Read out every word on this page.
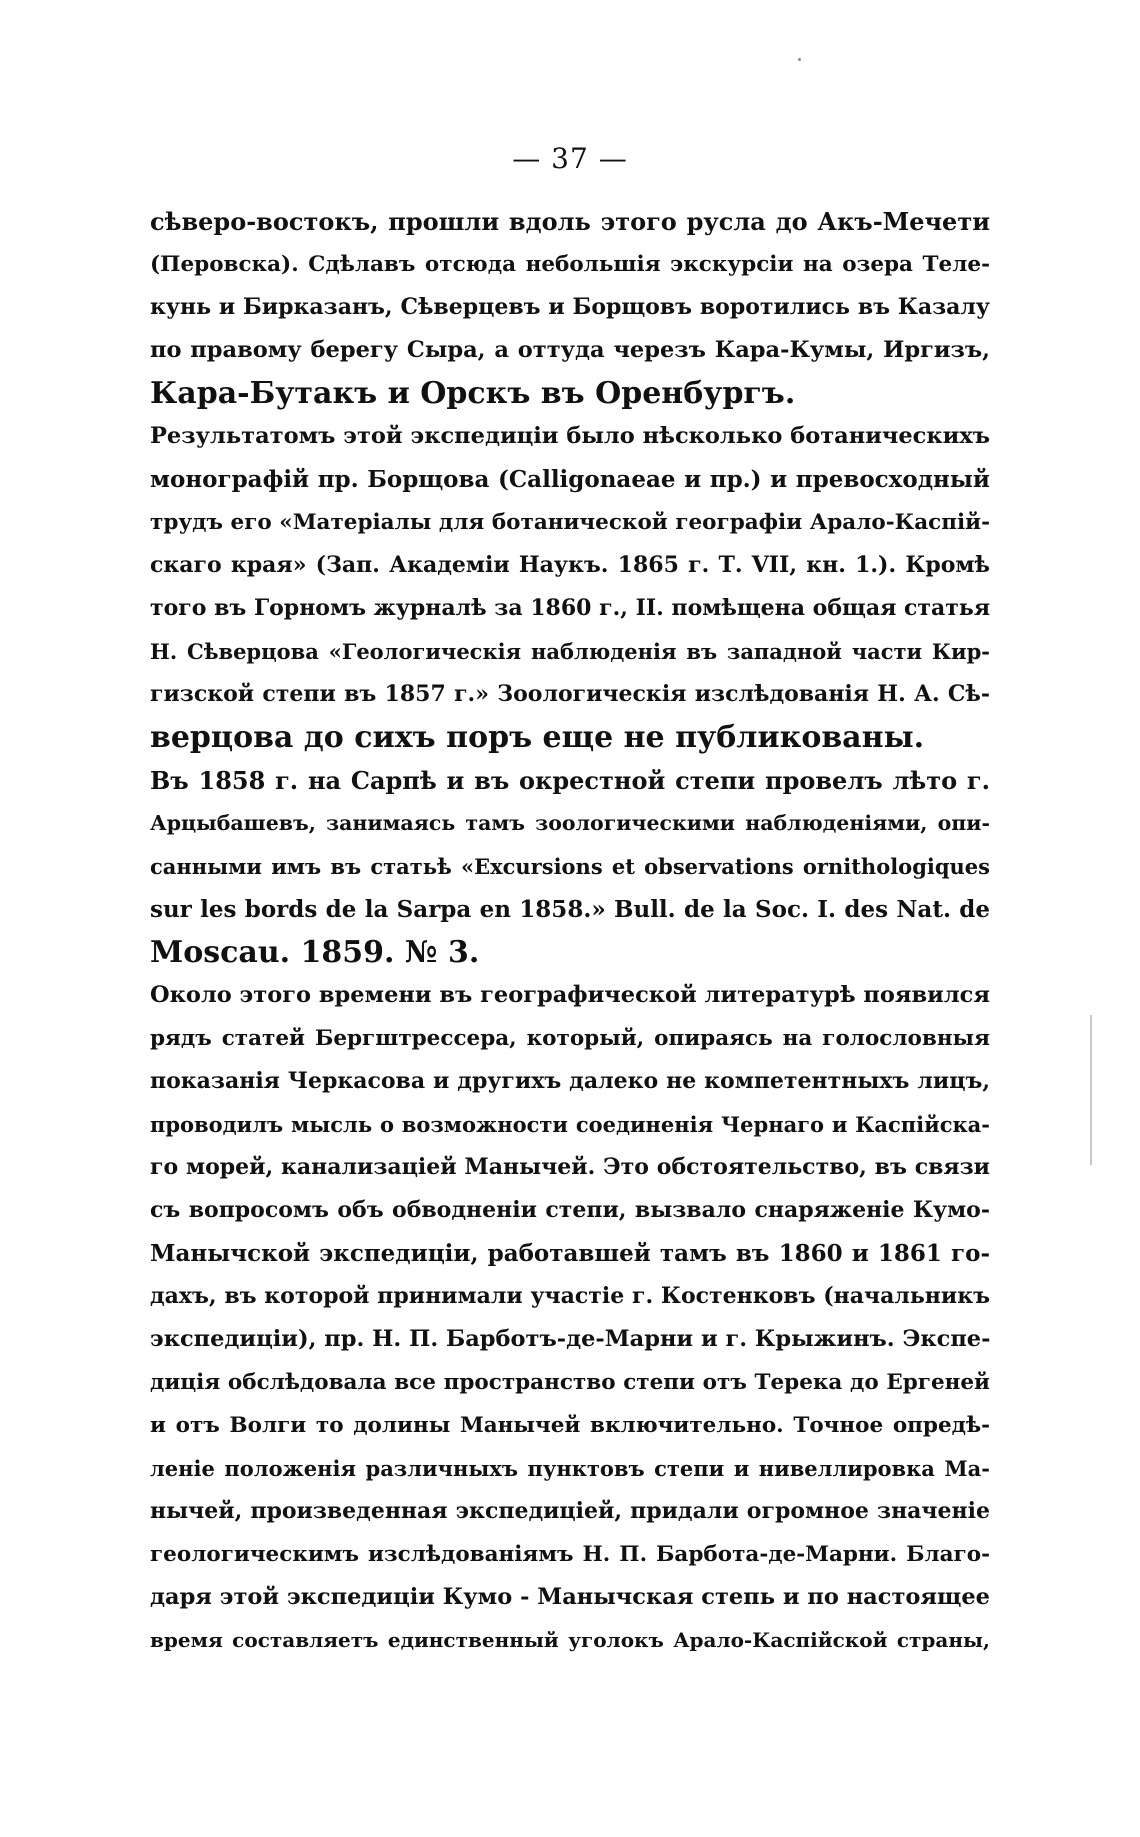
— 37 —
сѣверо-востокъ, прошли вдоль этого русла до Акъ-Мечети
(Перовска). Сдѣлавъ отсюда небольшія экскурсіи на озера Теле-
кунь и Бирказанъ, Сѣверцевъ и Борщовъ воротились въ Казалу
по правому берегу Сыра, а оттуда черезъ Кара-Кумы, Иргизъ,
Кара-Бутакъ и Орскъ въ Оренбургъ.
Результатомъ этой экспедиціи было нѣсколько ботаническихъ
монографій пр. Борщова (Calligonaeae и пр.) и превосходный
трудъ его «Матеріалы для ботанической географіи Арало-Каспій-
скаго края» (Зап. Академіи Наукъ. 1865 г. Т. VII, кн. 1.). Кромѣ
того въ Горномъ журналѣ за 1860 г., II. помѣщена общая статья
Н. Сѣверцова «Геологическія наблюденія въ западной части Кир-
гизской степи въ 1857 г.» Зоологическія изслѣдованія Н. А. Сѣ-
верцова до сихъ поръ еще не публикованы.
Въ 1858 г. на Сарпѣ и въ окрестной степи провелъ лѣто г.
Арцыбашевъ, занимаясь тамъ зоологическими наблюденіями, опи-
санными имъ въ статьѣ «Excursions et observations ornithologiques
sur les bords de la Sarpa en 1858.» Bull. de la Soc. I. des Nat. de
Moscau. 1859. № 3.
Около этого времени въ географической литературѣ появился
рядъ статей Бергштрессера, который, опираясь на голословныя
показанія Черкасова и другихъ далеко не компетентныхъ лицъ,
проводилъ мысль о возможности соединенія Чернаго и Каспійска-
го морей, канализаціей Манычей. Это обстоятельство, въ связи
съ вопросомъ объ обводненіи степи, вызвало снаряженіе Кумо-
Манычской экспедиціи, работавшей тамъ въ 1860 и 1861 го-
дахъ, въ которой принимали участіе г. Костенковъ (начальникъ
экспедиціи), пр. Н. П. Барботъ-де-Марни и г. Крыжинъ. Экспе-
диція обслѣдовала все пространство степи отъ Терека до Ергеней
и отъ Волги то долины Манычей включительно. Точное опредѣ-
леніе положенія различныхъ пунктовъ степи и нивеллировка Ма-
нычей, произведенная экспедиціей, придали огромное значеніе
геологическимъ изслѣдованіямъ Н. П. Барбота-де-Марни. Благо-
даря этой экспедиціи Кумо - Манычская степь и по настоящее
время составляетъ единственный уголокъ Арало-Каспійской страны,
